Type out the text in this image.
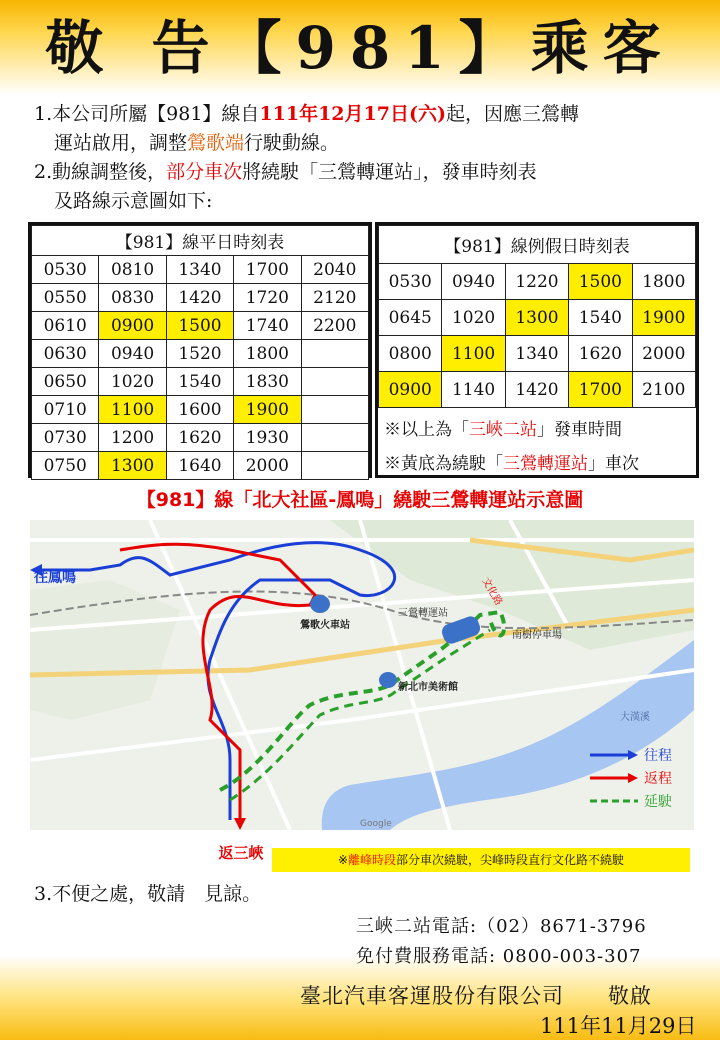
敬 告【981】乘客
1.本公司所屬【981】線自111年12月17日(六)起，因應三鶯轉
運站啟用，調整鶯歌端行駛動線。
2.動線調整後，部分車次將繞駛「三鶯轉運站」，發車時刻表
及路線示意圖如下:
【981】線平日時刻表				
0530	0810	1340	1700	2040
0550	0830	1420	1720	2120
0610	0900	1500	1740	2200
0630	0940	1520	1800	
0650	1020	1540	1830	
0710	1100	1600	1900	
0730	1200	1620	1930	
0750	1300	1640	2000	
【981】線例假日時刻表				
0530	0940	1220	1500	1800
0645	1020	1300	1540	1900
0800	1100	1340	1620	2000
0900	1140	1420	1700	2100
※以上為「三峽二站」發車時間
※黃底為繞駛「三鶯轉運站」車次
【981】線「北大社區-鳳鳴」繞駛三鶯轉運站示意圖
大漢溪
鶯歌火車站
新北市美術館
三鶯轉運站
南樹停車場
文化路
往鳳鳴
Google
往程
返程
延駛
返三峽	※離峰時段部分車次繞駛，尖峰時段直行文化路不繞駛
3.不便之處，敬請　見諒。
三峽二站電話:（02）8671-3796
免付費服務電話: 0800-003-307
臺北汽車客運股份有限公司　　敬啟
111年11月29日
